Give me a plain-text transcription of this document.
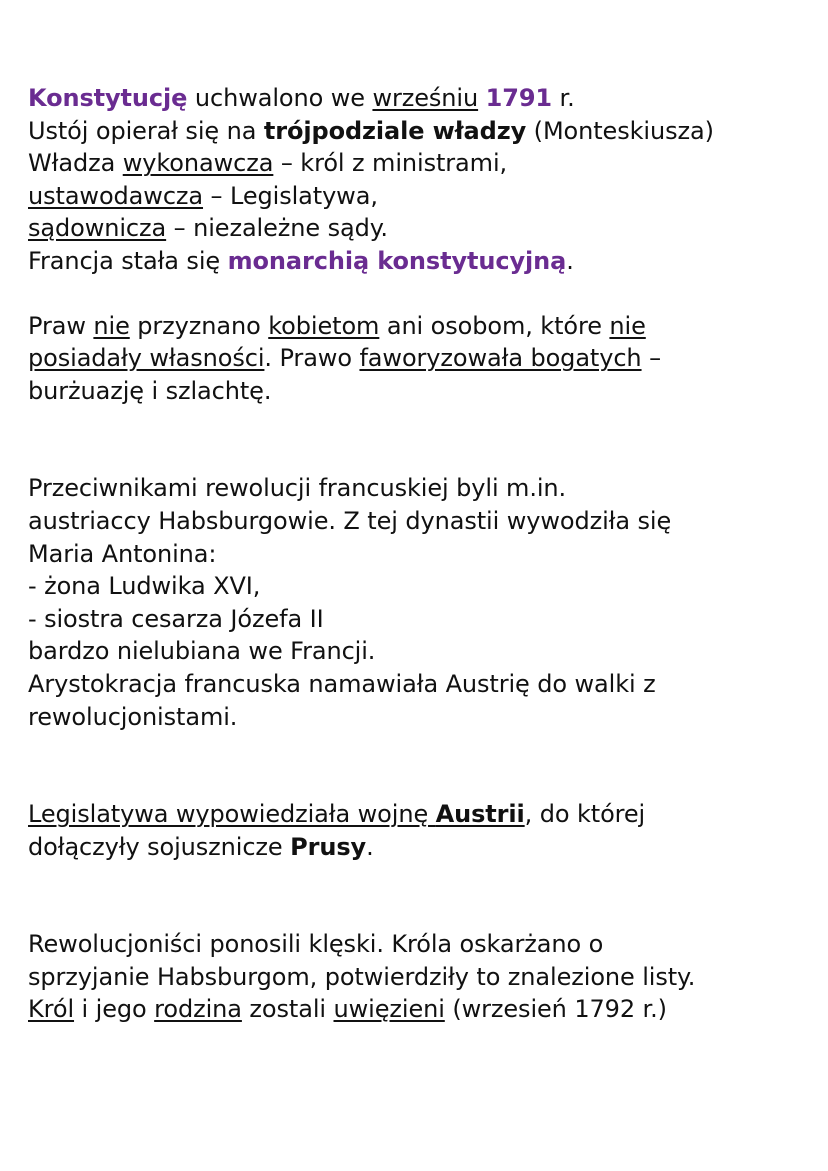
Konstytucję uchwalono we wrześniu 1791 r.
Ustój opierał się na trójpodziale władzy (Monteskiusza)
Władza wykonawcza – król z ministrami,
ustawodawcza – Legislatywa,
sądownicza – niezależne sądy.
Francja stała się monarchią konstytucyjną.
Praw nie przyznano kobietom ani osobom, które nie
posiadały własności. Prawo faworyzowała bogatych –
burżuazję i szlachtę.
Przeciwnikami rewolucji francuskiej byli m.in.
austriaccy Habsburgowie. Z tej dynastii wywodziła się
Maria Antonina:
- żona Ludwika XVI,
- siostra cesarza Józefa II
bardzo nielubiana we Francji.
Arystokracja francuska namawiała Austrię do walki z
rewolucjonistami.
Legislatywa wypowiedziała wojnę Austrii, do której
dołączyły sojusznicze Prusy.
Rewolucjoniści ponosili klęski. Króla oskarżano o
sprzyjanie Habsburgom, potwierdziły to znalezione listy.
Król i jego rodzina zostali uwięzieni (wrzesień 1792 r.)
